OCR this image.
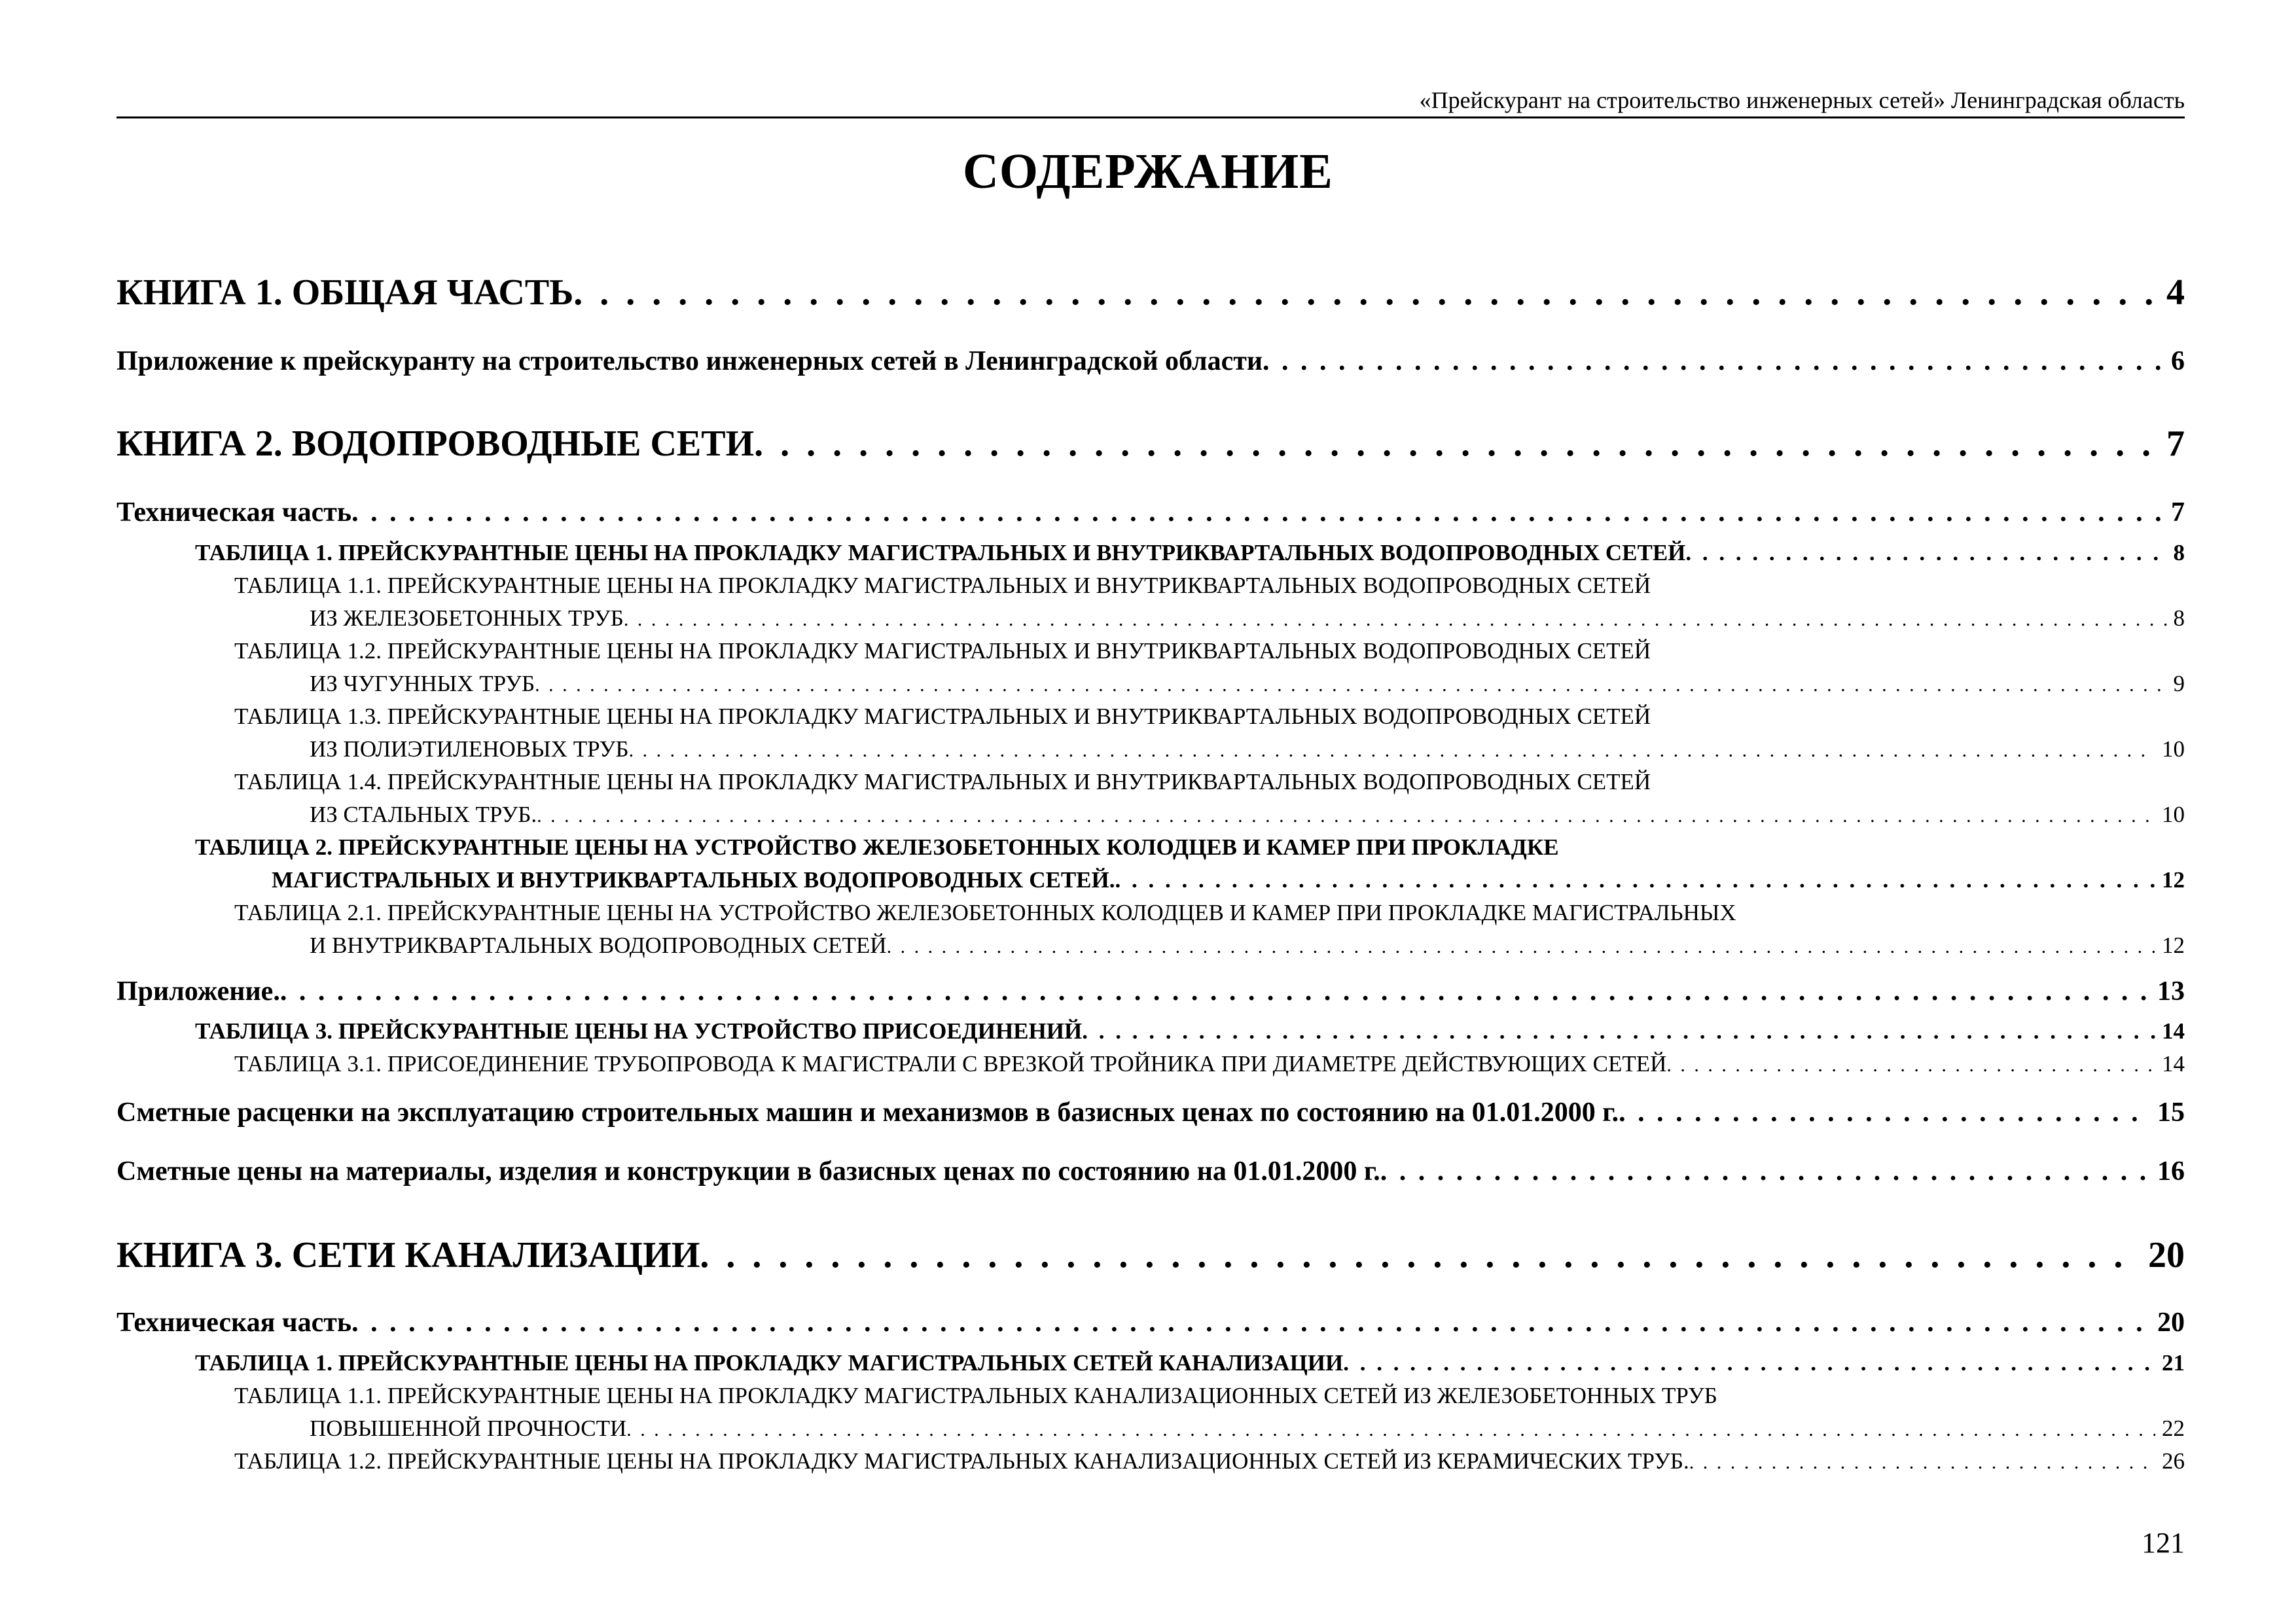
«Прейскурант на строительство инженерных сетей» Ленинградская область
СОДЕРЖАНИЕ
КНИГА 1. ОБЩАЯ ЧАСТЬ . . .	4
Приложение к прейскуранту на строительство инженерных сетей в Ленинградской области . . .	6
КНИГА 2. ВОДОПРОВОДНЫЕ СЕТИ . . .	7
Техническая часть . . .	7
ТАБЛИЦА 1. ПРЕЙСКУРАНТНЫЕ ЦЕНЫ НА ПРОКЛАДКУ МАГИСТРАЛЬНЫХ И ВНУТРИКВАРТАЛЬНЫХ ВОДОПРОВОДНЫХ СЕТЕЙ . . .	8
ТАБЛИЦА 1.1. ПРЕЙСКУРАНТНЫЕ ЦЕНЫ НА ПРОКЛАДКУ МАГИСТРАЛЬНЫХ И ВНУТРИКВАРТАЛЬНЫХ ВОДОПРОВОДНЫХ СЕТЕЙ
ИЗ ЖЕЛЕЗОБЕТОННЫХ ТРУБ . . .	8
ТАБЛИЦА 1.2. ПРЕЙСКУРАНТНЫЕ ЦЕНЫ НА ПРОКЛАДКУ МАГИСТРАЛЬНЫХ И ВНУТРИКВАРТАЛЬНЫХ ВОДОПРОВОДНЫХ СЕТЕЙ
ИЗ ЧУГУННЫХ ТРУБ . . .	9
ТАБЛИЦА 1.3. ПРЕЙСКУРАНТНЫЕ ЦЕНЫ НА ПРОКЛАДКУ МАГИСТРАЛЬНЫХ И ВНУТРИКВАРТАЛЬНЫХ ВОДОПРОВОДНЫХ СЕТЕЙ
ИЗ ПОЛИЭТИЛЕНОВЫХ ТРУБ . . .	10
ТАБЛИЦА 1.4. ПРЕЙСКУРАНТНЫЕ ЦЕНЫ НА ПРОКЛАДКУ МАГИСТРАЛЬНЫХ И ВНУТРИКВАРТАЛЬНЫХ ВОДОПРОВОДНЫХ СЕТЕЙ
ИЗ СТАЛЬНЫХ ТРУБ. . . .	10
ТАБЛИЦА 2. ПРЕЙСКУРАНТНЫЕ ЦЕНЫ НА УСТРОЙСТВО ЖЕЛЕЗОБЕТОННЫХ КОЛОДЦЕВ И КАМЕР ПРИ ПРОКЛАДКЕ
МАГИСТРАЛЬНЫХ И ВНУТРИКВАРТАЛЬНЫХ ВОДОПРОВОДНЫХ СЕТЕЙ. . . .	12
ТАБЛИЦА 2.1. ПРЕЙСКУРАНТНЫЕ ЦЕНЫ НА УСТРОЙСТВО ЖЕЛЕЗОБЕТОННЫХ КОЛОДЦЕВ И КАМЕР ПРИ ПРОКЛАДКЕ МАГИСТРАЛЬНЫХ
И ВНУТРИКВАРТАЛЬНЫХ ВОДОПРОВОДНЫХ СЕТЕЙ . . .	12
Приложение. . . .	13
ТАБЛИЦА 3. ПРЕЙСКУРАНТНЫЕ ЦЕНЫ НА УСТРОЙСТВО ПРИСОЕДИНЕНИЙ . . .	14
ТАБЛИЦА 3.1. ПРИСОЕДИНЕНИЕ ТРУБОПРОВОДА К МАГИСТРАЛИ С ВРЕЗКОЙ ТРОЙНИКА ПРИ ДИАМЕТРЕ ДЕЙСТВУЮЩИХ СЕТЕЙ . . .	14
Сметные расценки на эксплуатацию строительных машин и механизмов в базисных ценах по состоянию на 01.01.2000 г. . . .	15
Сметные цены на материалы, изделия и конструкции в базисных ценах по состоянию на 01.01.2000 г. . . .	16
КНИГА 3. СЕТИ КАНАЛИЗАЦИИ . . .	20
Техническая часть . . .	20
ТАБЛИЦА 1. ПРЕЙСКУРАНТНЫЕ ЦЕНЫ НА ПРОКЛАДКУ МАГИСТРАЛЬНЫХ СЕТЕЙ КАНАЛИЗАЦИИ . . .	21
ТАБЛИЦА 1.1. ПРЕЙСКУРАНТНЫЕ ЦЕНЫ НА ПРОКЛАДКУ МАГИСТРАЛЬНЫХ КАНАЛИЗАЦИОННЫХ СЕТЕЙ ИЗ ЖЕЛЕЗОБЕТОННЫХ ТРУБ
ПОВЫШЕННОЙ ПРОЧНОСТИ . . .	22
ТАБЛИЦА 1.2. ПРЕЙСКУРАНТНЫЕ ЦЕНЫ НА ПРОКЛАДКУ МАГИСТРАЛЬНЫХ КАНАЛИЗАЦИОННЫХ СЕТЕЙ ИЗ КЕРАМИЧЕСКИХ ТРУБ. . . .	26
121
